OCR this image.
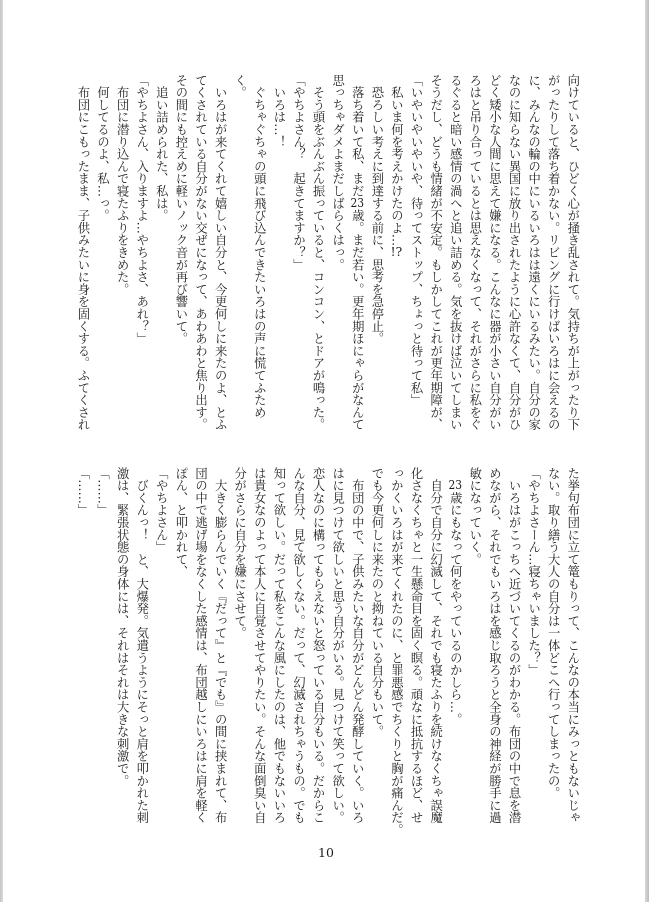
向けていると、ひどく心が掻き乱されて。気持ちが上がったり下
がったりして落ち着かない。リビングに行けばいろはに会えるの
に、みんなの輪の中にいるいろはは遠くにいるみたい。自分の家
なのに知らない異国に放り出されたように心許なくて、自分がひ
どく矮小な人間に思えて嫌になる。こんなに器が小さい自分がい
ろはと吊り合っているとは思えなくなって、それがさらに私をぐ
るぐると暗い感情の渦へと追い詰める。気を抜けば泣いてしまい
そうだし、どうも情緒が不安定。もしかしてこれが更年期障が、
「いやいやいやいや、待ってストップ、ちょっと待って私」
　私いま何を考えかけたのよ…!?
　恐ろしい考えに到達する前に、思考を急停止。
　落ち着いて私、まだ23歳。まだ若い。更年期ほにゃらがなんて
思っちゃダメよまだしばらくはっ。
　そう頭をぶんぶん振っていると、コンコン、とドアが鳴った。
「やちよさん？　起きてますか？」
　いろは…！
　ぐちゃぐちゃの頭に飛び込んできたいろはの声に慌てふため
く。
　いろはが来てくれて嬉しい自分と、今更何しに来たのよ、とふ
てくされている自分がない交ぜになって、あわあわと焦り出す。
その間にも控えめに軽いノック音が再び響いて。
　追い詰められた、私は。
「やちよさん、入りますよ…やちよさ、あれ？」
　布団に潜り込んで寝たふりをきめた。
　何してるのよ、私…っ。
　布団にこもったまま、子供みたいに身を固くする。ふてくされ
た挙句布団に立て篭もりって、こんなの本当にみっともないじゃ
ない。取り繕う大人の自分は一体どこへ行ってしまったの。
「やちよさーん…寝ちゃいました？」
　いろはがこっちへ近づいてくるのがわかる。布団の中で息を潜
めながら、それでもいろはを感じ取ろうと全身の神経が勝手に過
敏になっていく。
　23歳にもなって何をやっているのかしら…。
　自分で自分に幻滅して、それでも寝たふりを続けなくちゃ誤魔
化さなくちゃと一生懸命目を固く瞑る。頑なに抵抗するほど、せ
っかくいろはが来てくれたのに、と罪悪感でちくりと胸が痛んだ。
でも今更何しに来たのと拗ねている自分もいて。
　布団の中で、子供みたいな自分がどんどん発酵していく。いろ
はに見つけて欲しいと思う自分がいる。見つけて笑って欲しい。
恋人なのに構ってもらえないと怒っている自分もいる。だからこ
んな自分、見て欲しくない。だって、幻滅されちゃうもの。でも
知って欲しい。だって私をこんな風にしたのは、他でもないいろ
は貴女なのよって本人に自覚させてやりたい。そんな面倒臭い自
分がさらに自分を嫌にさせて。
　大きく膨らんでいく『だって』と『でも』の間に挟まれて、布
団の中で逃げ場をなくした感情は、布団越しにいろはに肩を軽く
ぽん、と叩かれて、
「やちよさん」
　びくんっ！　と、大爆発。気遣うようにそっと肩を叩かれた刺
激は、緊張状態の身体には、それはそれは大きな刺激で。
「……」
「……」
10
